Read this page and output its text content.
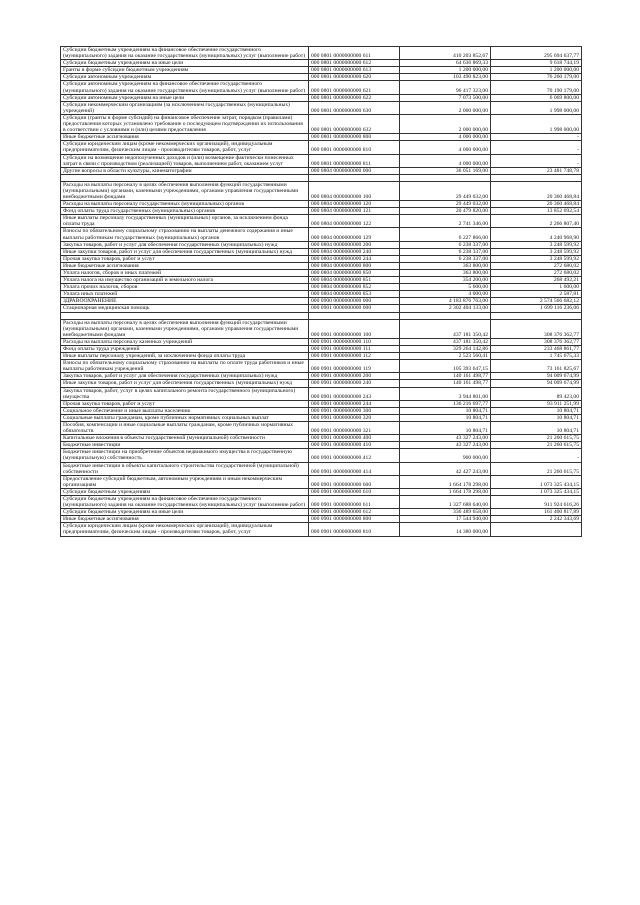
Субсидии бюджетным учреждениям на финансовое обеспечение государственного (муниципального) задания на оказание государственных (муниципальных) услуг (выполнение работ)	000 0801 0000000000 611	410 203 852,67	295 694 637,77
Субсидии бюджетным учреждениям на иные цели	000 0801 0000000000 612	64 636 869,33	9 618 744,19
Гранты в форме субсидии бюджетным учреждениям	000 0801 0000000000 613	1 200 000,00	1 200 000,00
Субсидии автономным учреждениям	000 0801 0000000000 620	103 490 823,00	76 260 179,00
Субсидии автономным учреждениям на финансовое обеспечение государственного (муниципального) задания на оказание государственных (муниципальных) услуг (выполнение работ)	000 0801 0000000000 621	96 417 323,00	70 190 179,00
Субсидии автономным учреждениям на иные цели	000 0801 0000000000 622	7 073 500,00	6 069 800,00
Субсидии некоммерческим организациям (за исключением государственных (муниципальных) учреждений)	000 0801 0000000000 630	2 000 000,00	1 998 000,00
Субсидии (гранты в форме субсидий) на финансовое обеспечение затрат, порядком (правилами) предоставления которых установлено требование о последующем подтверждении их использования в соответствии с условиями и (или) целями предоставления	000 0801 0000000000 632	2 000 000,00	1 998 000,00
Иные бюджетные ассигнования	000 0801 0000000000 800	4 000 000,00	-
Субсидии юридическим лицам (кроме некоммерческих организаций), индивидуальным предпринимателям, физическим лицам - производителям товаров, работ, услуг	000 0801 0000000000 810	4 000 000,00	-
Субсидии на возмещение недополученных доходов и (или) возмещение фактически понесенных затрат в связи с производством (реализацией) товаров, выполнением работ, оказанием услуг	000 0801 0000000000 811	4 000 000,00	-
Другие вопросы в области культуры, кинематографии	000 0804 0000000000 000	36 051 169,00	23 481 748,78

Расходы на выплаты персоналу в целях обеспечения выполнения функций государственными (муниципальными) органами, казенными учреждениями, органами управления государственными внебюджетными фондами	000 0804 0000000000 100	29 449 032,00	20 360 468,84
Расходы на выплаты персоналу государственных (муниципальных) органов	000 0804 0000000000 120	29 449 032,00	20 360 468,84
Фонд оплаты труда государственных (муниципальных) органов	000 0804 0000000000 121	20 479 820,00	13 852 692,54
Иные выплаты персоналу государственных (муниципальных) органов, за исключением фонда оплаты труда	000 0804 0000000000 122	2 741 346,00	2 266 807,40
Взносы по обязательному социальному страхованию на выплаты денежного содержания и иные выплаты работникам государственных (муниципальных) органов	000 0804 0000000000 129	6 227 866,00	4 240 968,90
Закупка товаров, работ и услуг для обеспечения государственных (муниципальных) нужд	000 0804 0000000000 200	6 238 337,00	3 248 599,92
Иные закупки товаров, работ и услуг для обеспечения государственных (муниципальных) нужд	000 0804 0000000000 240	6 238 337,00	3 248 599,92
Прочая закупка товаров, работ и услуг	000 0804 0000000000 244	6 238 337,00	3 248 599,92
Иные бюджетные ассигнования	000 0804 0000000000 800	363 800,00	272 680,02
Уплата налогов, сборов и иных платежей	000 0804 0000000000 850	363 800,00	272 680,02
Уплата налога на имущество организаций и земельного налога	000 0804 0000000000 851	354 200,00	268 492,21
Уплата прочих налогов, сборов	000 0804 0000000000 852	5 600,00	1 600,00
Уплата иных платежей	000 0804 0000000000 853	4 000,00	2 587,81
ЗДРАВООХРАНЕНИЕ	000 0900 0000000000 000	4 183 876 763,00	2 574 566 682,12
Стационарная медицинская помощь	000 0901 0000000000 000	2 302 404 133,00	1 699 116 236,06

Расходы на выплаты персоналу в целях обеспечения выполнения функций государственными (муниципальными) органами, казенными учреждениями, органами управления государственными внебюджетными фондами	000 0901 0000000000 100	437 181 350,42	308 376 362,77
Расходы на выплаты персоналу казенных учреждений	000 0901 0000000000 110	437 181 350,42	308 376 362,77
Фонд оплаты труда учреждений	000 0901 0000000000 111	329 264 142,86	233 468 861,77
Иные выплаты персоналу учреждений, за исключением фонда оплаты труда	000 0901 0000000000 112	2 523 560,41	1 745 675,33
Взносы по обязательному социальному страхованию на выплаты по оплате труда работников и иные выплаты работникам учреждений	000 0901 0000000000 119	105 393 647,15	73 161 825,67
Закупка товаров, работ и услуг для обеспечения государственных (муниципальных) нужд	000 0901 0000000000 200	140 161 498,77	94 009 674,99
Иные закупки товаров, работ и услуг для обеспечения государственных (муниципальных) нужд	000 0901 0000000000 240	140 161 498,77	94 009 674,99
Закупка товаров, работ, услуг в целях капитального ремонта государственного (муниципального) имущества	000 0901 0000000000 243	3 944 801,00	89 423,00
Прочая закупка товаров, работ и услуг	000 0901 0000000000 244	136 216 697,77	93 911 251,99
Социальное обеспечение и иные выплаты населению	000 0901 0000000000 300	10 804,71	10 804,71
Социальные выплаты гражданам, кроме публичных нормативных социальных выплат	000 0901 0000000000 320	10 804,71	10 804,71
Пособия, компенсации и иные социальные выплаты гражданам, кроме публичных нормативных обязательств	000 0901 0000000000 321	10 804,71	10 804,71
Капитальные вложения в объекты государственной (муниципальной) собственности	000 0901 0000000000 400	43 327 243,00	21 260 615,75
Бюджетные инвестиции	000 0901 0000000000 410	43 327 243,00	21 260 615,75
Бюджетные инвестиции на приобретение объектов недвижимого имущества в государственную (муниципальную) собственность	000 0901 0000000000 412	900 000,00	-
Бюджетные инвестиции в объекты капитального строительства государственной (муниципальной) собственности	000 0901 0000000000 414	42 427 243,00	21 260 615,75
Предоставление субсидий бюджетным, автономным учреждениям и иным некоммерческим организациям	000 0901 0000000000 600	1 664 178 298,00	1 073 325 434,15
Субсидии бюджетным учреждениям	000 0901 0000000000 610	1 664 178 298,00	1 073 325 434,15
Субсидии бюджетным учреждениям на финансовое обеспечение государственного (муниципального) задания на оказание государственных (муниципальных) услуг (выполнение работ)	000 0901 0000000000 611	1 327 688 640,00	911 924 616,26
Субсидии бюджетным учреждениям на иные цели	000 0901 0000000000 612	336 489 658,00	161 400 817,89
Иные бюджетные ассигнования	000 0901 0000000000 800	17 544 940,00	2 242 343,69
Субсидии юридическим лицам (кроме некоммерческих организаций), индивидуальным предпринимателям, физическим лицам - производителям товаров, работ, услуг	000 0901 0000000000 810	14 380 000,00	
